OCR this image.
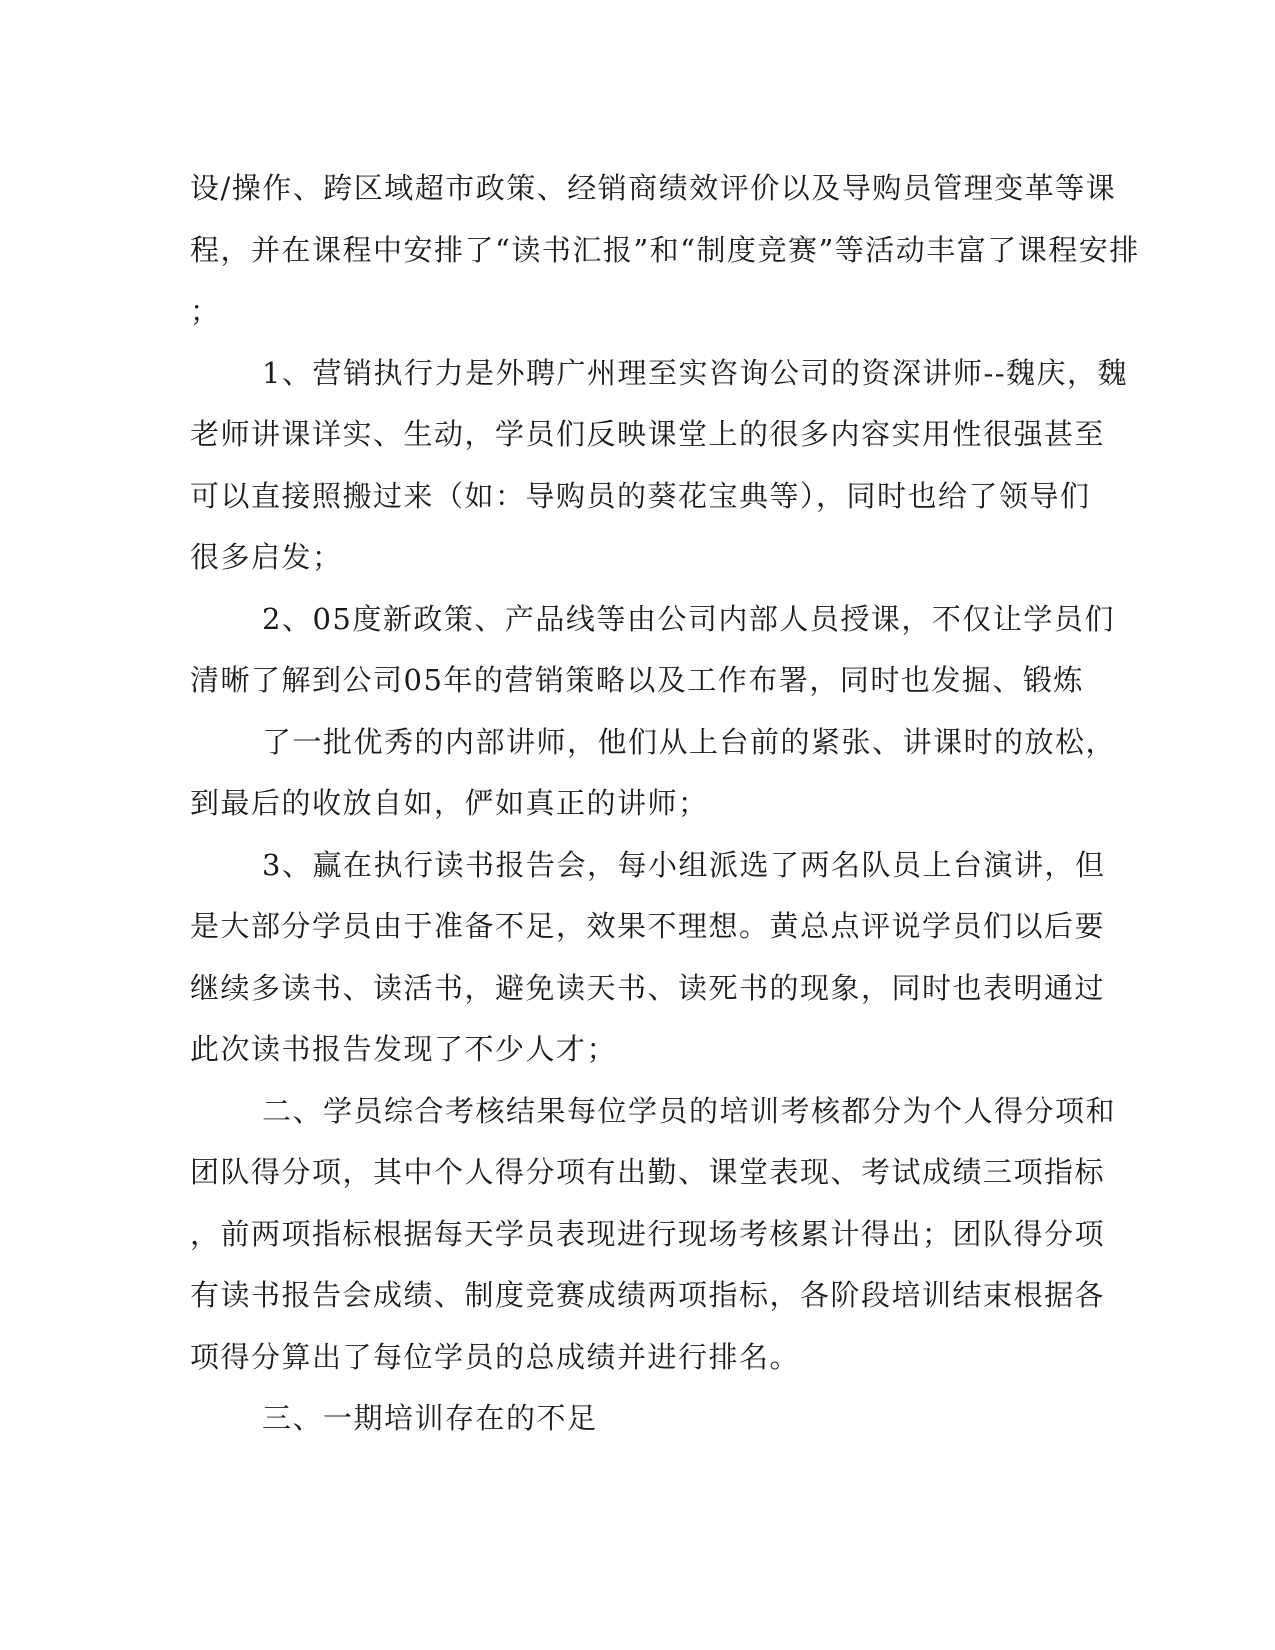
设/操作、跨区域超市政策、经销商绩效评价以及导购员管理变革等课
程，并在课程中安排了“读书汇报”和“制度竞赛”等活动丰富了课程安排
；
1、营销执行力是外聘广州理至实咨询公司的资深讲师--魏庆，魏
老师讲课详实、生动，学员们反映课堂上的很多内容实用性很强甚至
可以直接照搬过来（如：导购员的葵花宝典等），同时也给了领导们
很多启发；
2、05度新政策、产品线等由公司内部人员授课，不仅让学员们
清晰了解到公司05年的营销策略以及工作布署，同时也发掘、锻炼
了一批优秀的内部讲师，他们从上台前的紧张、讲课时的放松，
到最后的收放自如，俨如真正的讲师；
3、赢在执行读书报告会，每小组派选了两名队员上台演讲，但
是大部分学员由于准备不足，效果不理想。黄总点评说学员们以后要
继续多读书、读活书，避免读天书、读死书的现象，同时也表明通过
此次读书报告发现了不少人才；
二、学员综合考核结果每位学员的培训考核都分为个人得分项和
团队得分项，其中个人得分项有出勤、课堂表现、考试成绩三项指标
，前两项指标根据每天学员表现进行现场考核累计得出；团队得分项
有读书报告会成绩、制度竞赛成绩两项指标，各阶段培训结束根据各
项得分算出了每位学员的总成绩并进行排名。
三、一期培训存在的不足
